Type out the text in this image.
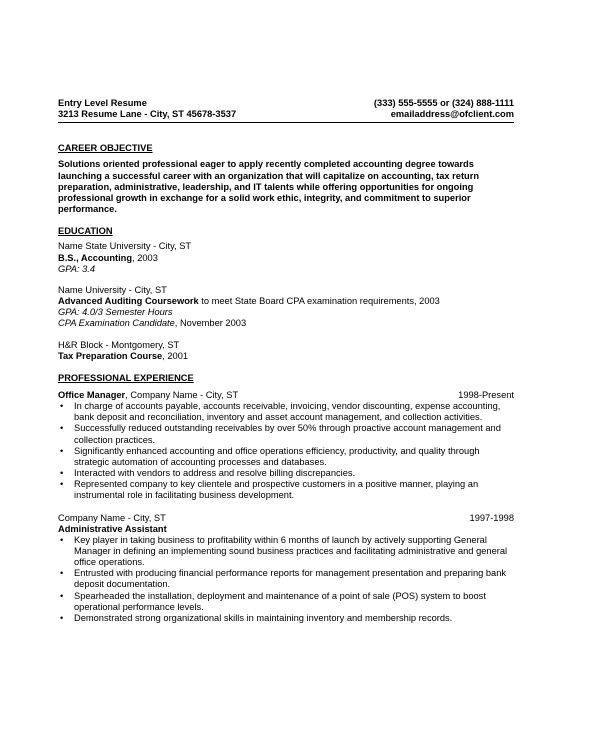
Entry Level Resume
3213 Resume Lane - City, ST 45678-3537
(333) 555-5555 or (324) 888-1111
emailaddress@ofclient.com
CAREER OBJECTIVE
Solutions oriented professional eager to apply recently completed accounting degree towards launching a successful career with an organization that will capitalize on accounting, tax return preparation, administrative, leadership, and IT talents while offering opportunities for ongoing professional growth in exchange for a solid work ethic, integrity, and commitment to superior performance.
EDUCATION
Name State University - City, ST
B.S., Accounting, 2003
GPA: 3.4
Name University - City, ST
Advanced Auditing Coursework to meet State Board CPA examination requirements, 2003
GPA: 4.0/3 Semester Hours
CPA Examination Candidate, November 2003
H&R Block - Montgomery, ST
Tax Preparation Course, 2001
PROFESSIONAL EXPERIENCE
Office Manager, Company Name - City, ST	1998-Present
• In charge of accounts payable, accounts receivable, invoicing, vendor discounting, expense accounting, bank deposit and reconciliation, inventory and asset account management, and collection activities.
• Successfully reduced outstanding receivables by over 50% through proactive account management and collection practices.
• Significantly enhanced accounting and office operations efficiency, productivity, and quality through strategic automation of accounting processes and databases.
• Interacted with vendors to address and resolve billing discrepancies.
• Represented company to key clientele and prospective customers in a positive manner, playing an instrumental role in facilitating business development.
Company Name - City, ST	1997-1998
Administrative Assistant
• Key player in taking business to profitability within 6 months of launch by actively supporting General Manager in defining an implementing sound business practices and facilitating administrative and general office operations.
• Entrusted with producing financial performance reports for management presentation and preparing bank deposit documentation.
• Spearheaded the installation, deployment and maintenance of a point of sale (POS) system to boost operational performance levels.
• Demonstrated strong organizational skills in maintaining inventory and membership records.
